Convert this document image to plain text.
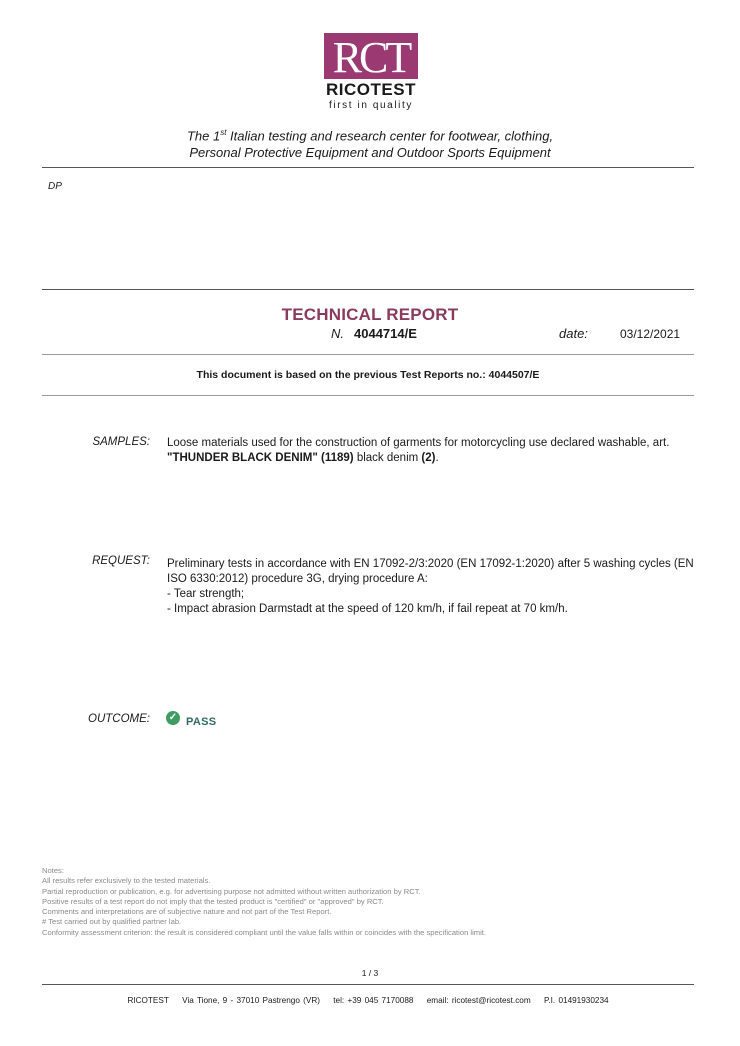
RCT
RICOTEST
first in quality
The 1st Italian testing and research center for footwear, clothing,
Personal Protective Equipment and Outdoor Sports Equipment
DP
TECHNICAL REPORT
N. 4044714/E	date:	03/12/2021
This document is based on the previous Test Reports no.: 4044507/E
SAMPLES: Loose materials used for the construction of garments for motorcycling use declared washable, art.
"THUNDER BLACK DENIM" (1189) black denim (2).
REQUEST: Preliminary tests in accordance with EN 17092-2/3:2020 (EN 17092-1:2020) after 5 washing cycles (EN
ISO 6330:2012) procedure 3G, drying procedure A:
- Tear strength;
- Impact abrasion Darmstadt at the speed of 120 km/h, if fail repeat at 70 km/h.
OUTCOME: ✓ PASS
Notes:
All results refer exclusively to the tested materials.
Partial reproduction or publication, e.g. for advertising purpose not admitted without written authorization by RCT.
Positive results of a test report do not imply that the tested product is "certified" or "approved" by RCT.
Comments and interpretations are of subjective nature and not part of the Test Report.
# Test carried out by qualified partner lab.
Conformity assessment criterion: the result is considered compliant until the value falls within or coincides with the specification limit.
1 / 3
RICOTEST Via Tione, 9 - 37010 Pastrengo (VR) tel: +39 045 7170088 email: ricotest@ricotest.com P.I. 01491930234
